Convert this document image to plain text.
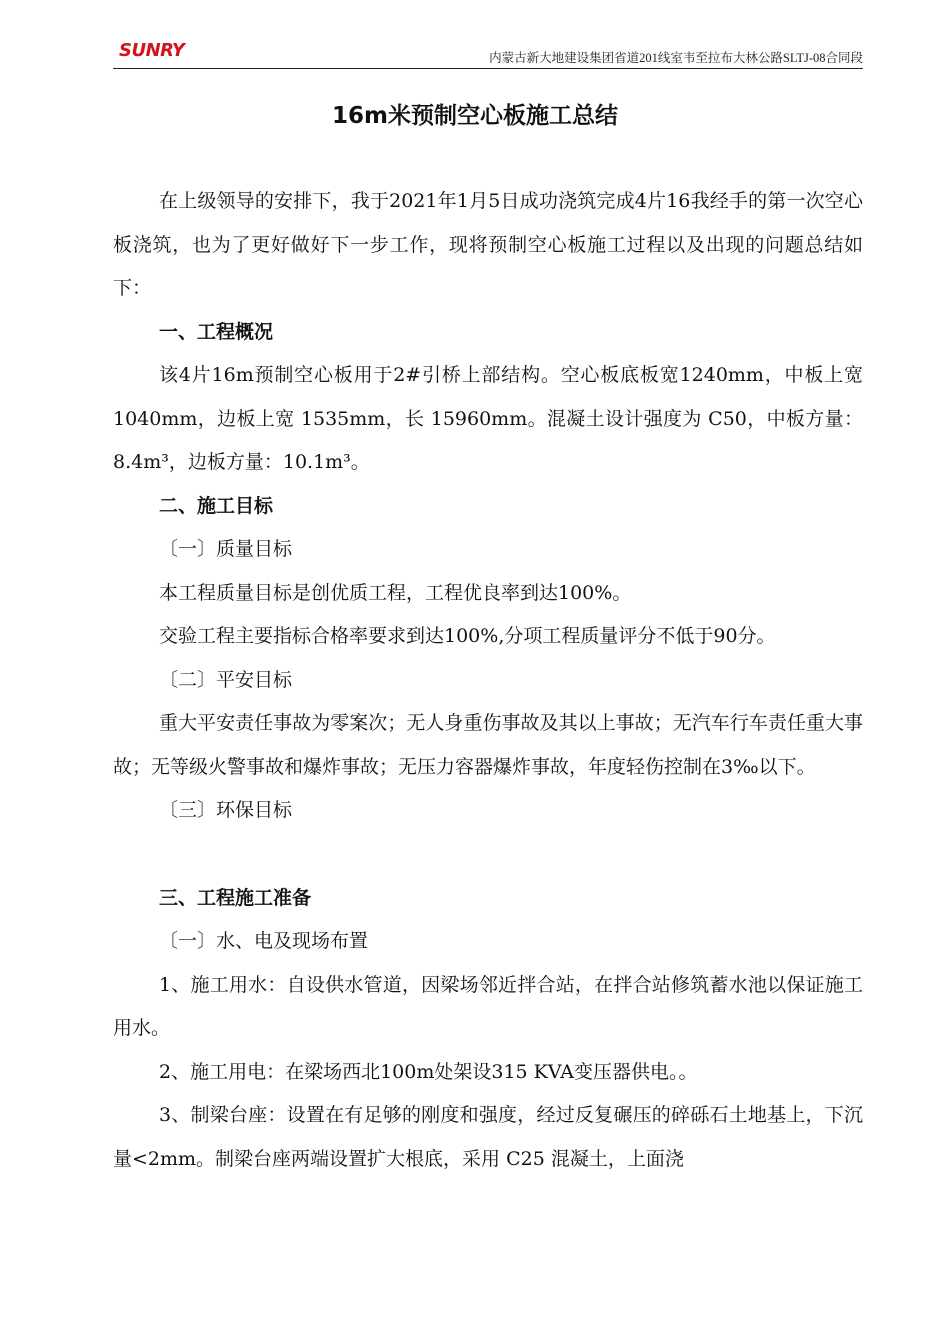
SUNRY	内蒙古新大地建设集团省道201线室韦至拉布大林公路SLTJ-08合同段
16m米预制空心板施工总结

在上级领导的安排下，我于2021年1月5日成功浇筑完成4片16我经手的第一次空心板浇筑，也为了更好做好下一步工作，现将预制空心板施工过程以及出现的问题总结如下：

一、工程概况

该4片16m预制空心板用于2#引桥上部结构。空心板底板宽1240mm，中板上宽 1040mm，边板上宽 1535mm，长 15960mm。混凝土设计强度为 C50，中板方量：8.4m³，边板方量：10.1m³。

二、施工目标

〔一〕质量目标

本工程质量目标是创优质工程，工程优良率到达100%。

交验工程主要指标合格率要求到达100%,分项工程质量评分不低于90分。

〔二〕平安目标

重大平安责任事故为零案次；无人身重伤事故及其以上事故；无汽车行车责任重大事故；无等级火警事故和爆炸事故；无压力容器爆炸事故，年度轻伤控制在3‰以下。

〔三〕环保目标

三、工程施工准备

〔一〕水、电及现场布置

1、施工用水：自设供水管道，因梁场邻近拌合站，在拌合站修筑蓄水池以保证施工用水。

2、施工用电：在梁场西北100m处架设315 KVA变压器供电。。

3、制梁台座：设置在有足够的刚度和强度，经过反复碾压的碎砾石土地基上，下沉量<2mm。制梁台座两端设置扩大根底，采用 C25 混凝土，上面浇
